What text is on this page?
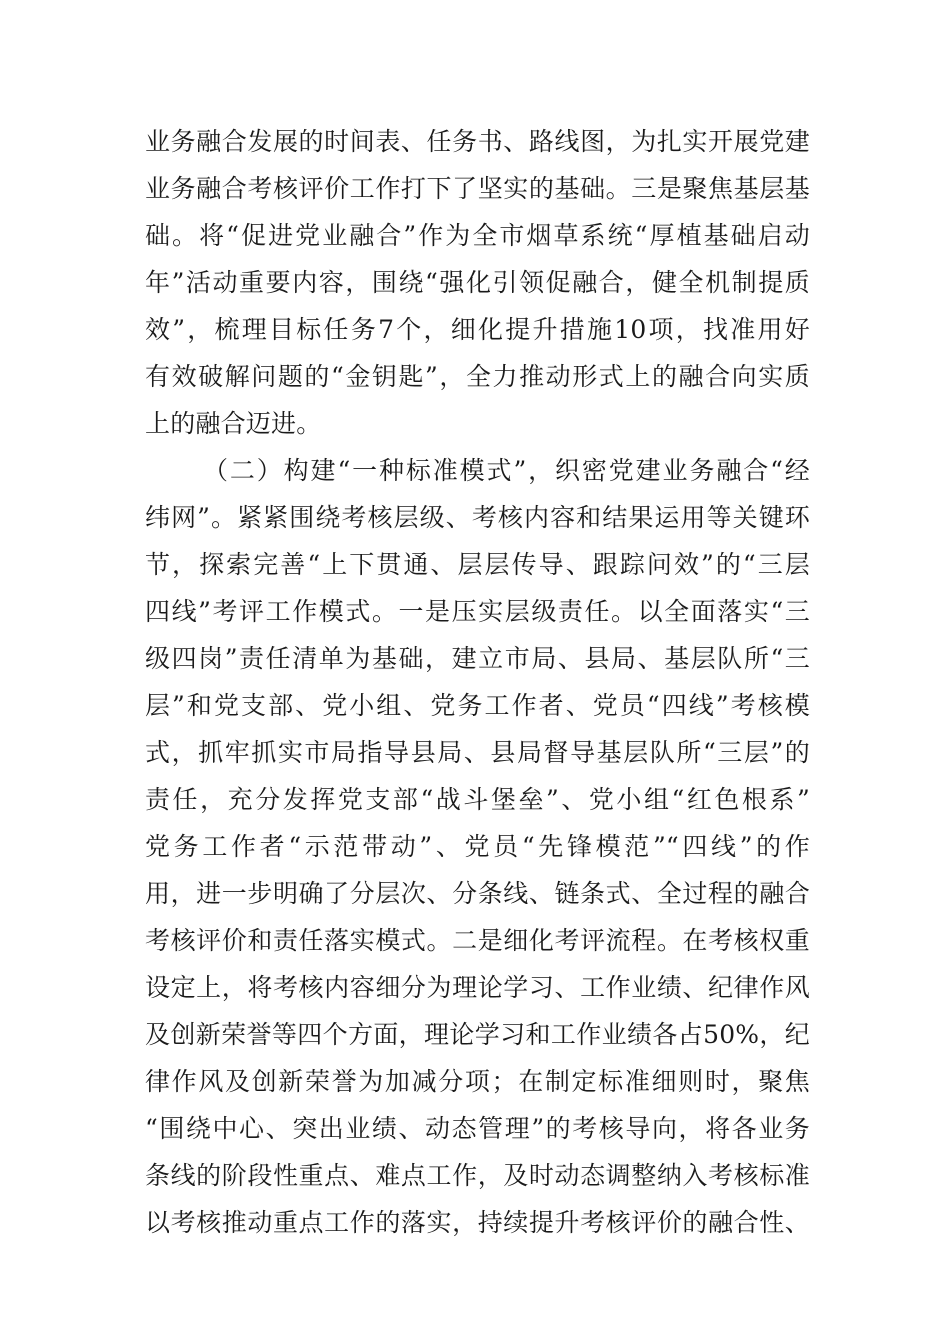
业务融合发展的时间表、任务书、路线图，为扎实开展党建
业务融合考核评价工作打下了坚实的基础。三是聚焦基层基
础。将“促进党业融合”作为全市烟草系统“厚植基础启动
年”活动重要内容，围绕“强化引领促融合，健全机制提质
效”，梳理目标任务7个，细化提升措施10项，找准用好
有效破解问题的“金钥匙”，全力推动形式上的融合向实质
上的融合迈进。
（二）构建“一种标准模式”，织密党建业务融合“经
纬网”。紧紧围绕考核层级、考核内容和结果运用等关键环
节，探索完善“上下贯通、层层传导、跟踪问效”的“三层
四线”考评工作模式。一是压实层级责任。以全面落实“三
级四岗”责任清单为基础，建立市局、县局、基层队所“三
层”和党支部、党小组、党务工作者、党员“四线”考核模
式，抓牢抓实市局指导县局、县局督导基层队所“三层”的
责任，充分发挥党支部“战斗堡垒”、党小组“红色根系”
党务工作者“示范带动”、党员“先锋模范”“四线”的作
用，进一步明确了分层次、分条线、链条式、全过程的融合
考核评价和责任落实模式。二是细化考评流程。在考核权重
设定上，将考核内容细分为理论学习、工作业绩、纪律作风
及创新荣誉等四个方面，理论学习和工作业绩各占50%，纪
律作风及创新荣誉为加减分项；在制定标准细则时，聚焦
“围绕中心、突出业绩、动态管理”的考核导向，将各业务
条线的阶段性重点、难点工作，及时动态调整纳入考核标准
以考核推动重点工作的落实，持续提升考核评价的融合性、
